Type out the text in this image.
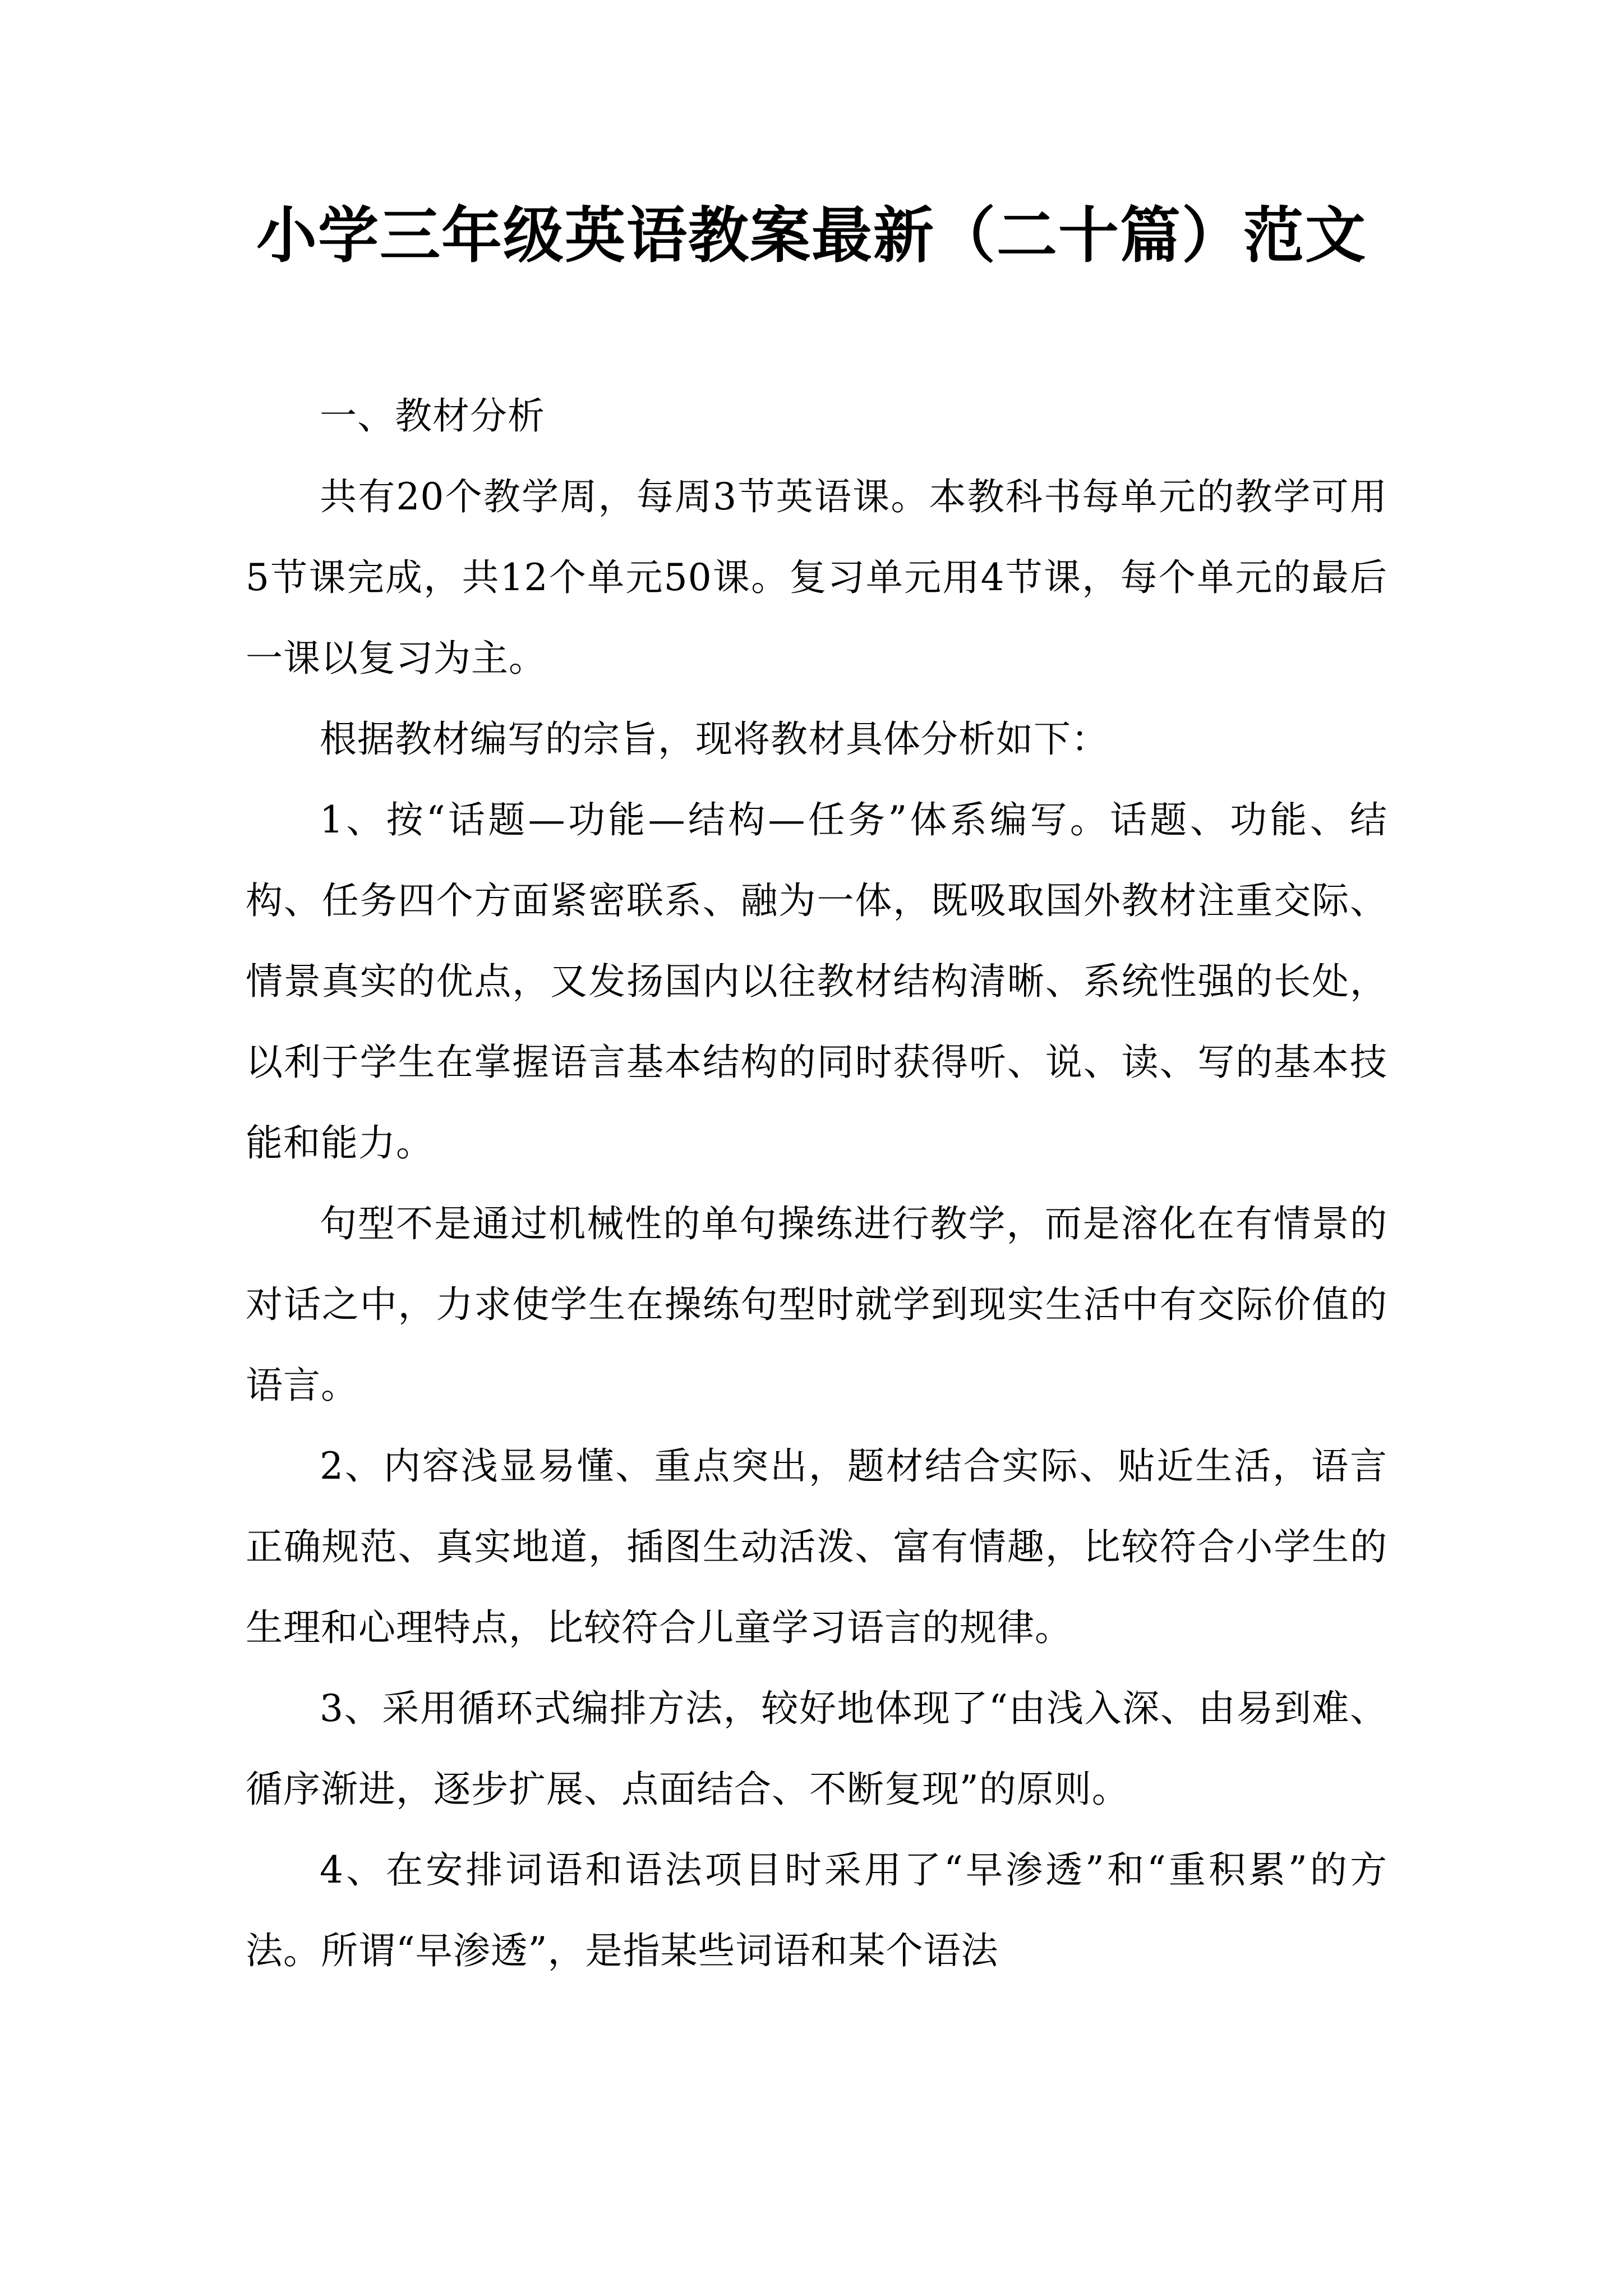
小学三年级英语教案最新（二十篇）范文

一、教材分析

共有20个教学周，每周3节英语课。本教科书每单元的教学可用5节课完成，共12个单元50课。复习单元用4节课，每个单元的最后一课以复习为主。

根据教材编写的宗旨，现将教材具体分析如下：

1、按“话题—功能—结构—任务”体系编写。话题、功能、结构、任务四个方面紧密联系、融为一体，既吸取国外教材注重交际、情景真实的优点，又发扬国内以往教材结构清晰、系统性强的长处，以利于学生在掌握语言基本结构的同时获得听、说、读、写的基本技能和能力。

句型不是通过机械性的单句操练进行教学，而是溶化在有情景的对话之中，力求使学生在操练句型时就学到现实生活中有交际价值的语言。

2、内容浅显易懂、重点突出，题材结合实际、贴近生活，语言正确规范、真实地道，插图生动活泼、富有情趣，比较符合小学生的生理和心理特点，比较符合儿童学习语言的规律。

3、采用循环式编排方法，较好地体现了“由浅入深、由易到难、循序渐进，逐步扩展、点面结合、不断复现”的原则。

4、在安排词语和语法项目时采用了“早渗透”和“重积累”的方法。所谓“早渗透”，是指某些词语和某个语法
